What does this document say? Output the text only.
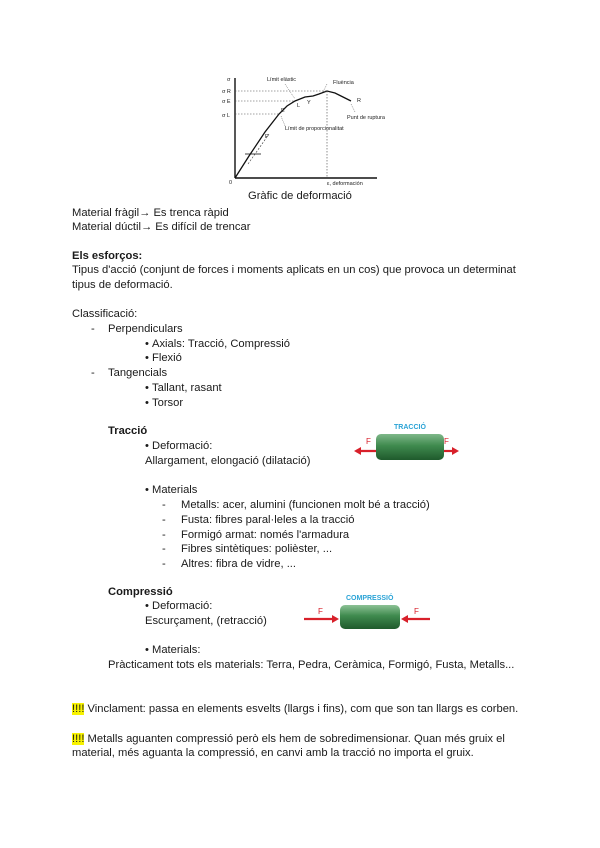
σ
σ R
σ E
σ L
0	ε, deformación
Límit elàstic	Fluència
Punt de ruptura
Límit de proporcionalitat
E
L
P
Y	R
Gràfic de deformació
Material fràgil→ Es trenca ràpid
Material dúctil→ Es difícil de trencar
Els esforços:
Tipus d'acció (conjunt de forces i moments aplicats en un cos) que provoca un determinat
tipus de deformació.
Classificació:
- Perpendiculars
• Axials: Tracció, Compressió
• Flexió
- Tangencials
• Tallant, rasant
• Torsor
Tracció
• Deformació:
Allargament, elongació (dilatació)
TRACCIÓ
F	F
• Materials
- Metalls: acer, alumini (funcionen molt bé a tracció)
- Fusta: fibres paral·leles a la tracció
- Formigó armat: només l'armadura
- Fibres sintètiques: polièster, ...
- Altres: fibra de vidre, ...
Compressió
• Deformació:
Escurçament, (retracció)
COMPRESSIÓ
F	F
• Materials:
Pràcticament tots els materials: Terra, Pedra, Ceràmica, Formigó, Fusta, Metalls...
!!!! Vinclament: passa en elements esvelts (llargs i fins), com que son tan llargs es corben.
!!!! Metalls aguanten compressió però els hem de sobredimensionar. Quan més gruix el
material, més aguanta la compressió, en canvi amb la tracció no importa el gruix.
